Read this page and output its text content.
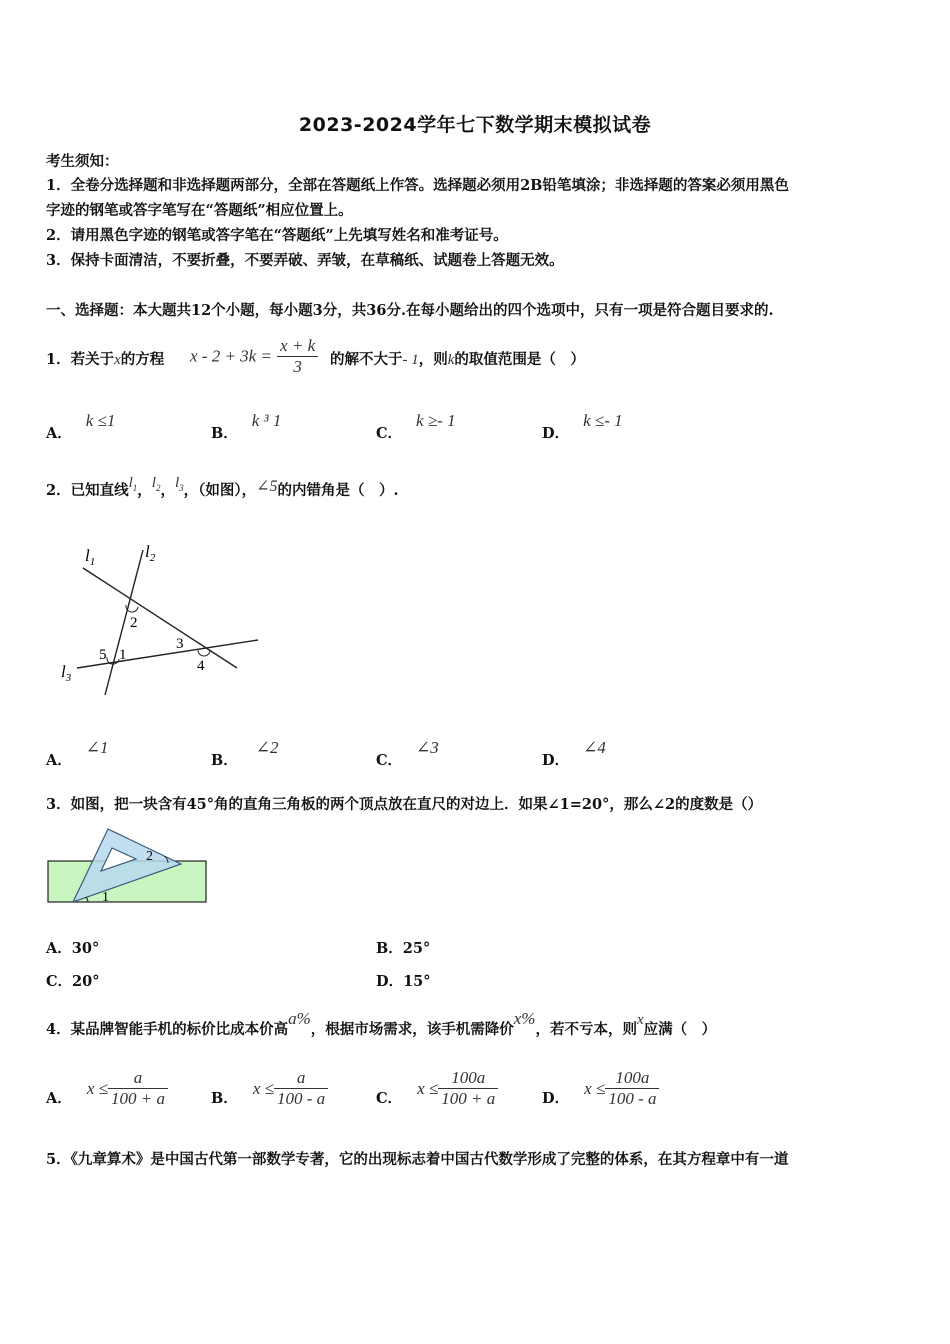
2023-2024学年七下数学期末模拟试卷
考生须知：
1．全卷分选择题和非选择题两部分，全部在答题纸上作答。选择题必须用2B铅笔填涂；非选择题的答案必须用黑色
字迹的钢笔或答字笔写在“答题纸”相应位置上。
2．请用黑色字迹的钢笔或答字笔在“答题纸”上先填写姓名和准考证号。
3．保持卡面清洁，不要折叠，不要弄破、弄皱，在草稿纸、试题卷上答题无效。
一、选择题：本大题共12个小题，每小题3分，共36分.在每小题给出的四个选项中，只有一项是符合题目要求的.
1．若关于x的方程 $x - 2 + 3k = \frac{x + k}{3}$ 的解不大于- 1，则k的取值范围是（　）
A．k ≤1
B．k ³ 1
C．k ≥- 1
D．k ≤- 1
2．已知直线$l_1$，$l_2$，$l_3$，（如图），∠5的内错角是（　）.
$l_1$
$l_2$
$l_3$
2
1
5
3
4
A．∠1
B．∠2
C．∠3
D．∠4
3．如图，把一块含有45°角的直角三角板的两个顶点放在直尺的对边上．如果∠1=20°，那么∠2的度数是（）
2
1
A．30°	B．25°
C．20°	D．15°
4．某品牌智能手机的标价比成本价高a%，根据市场需求，该手机需降价x%，若不亏本，则x应满（　）
A． $x \le \frac{a}{100 + a}$	B． $x \le \frac{a}{100 - a}$	C． $x \le \frac{100a}{100 + a}$	D． $x \le \frac{100a}{100 - a}$
5．《九章算术》是中国古代第一部数学专著，它的出现标志着中国古代数学形成了完整的体系，在其方程章中有一道
